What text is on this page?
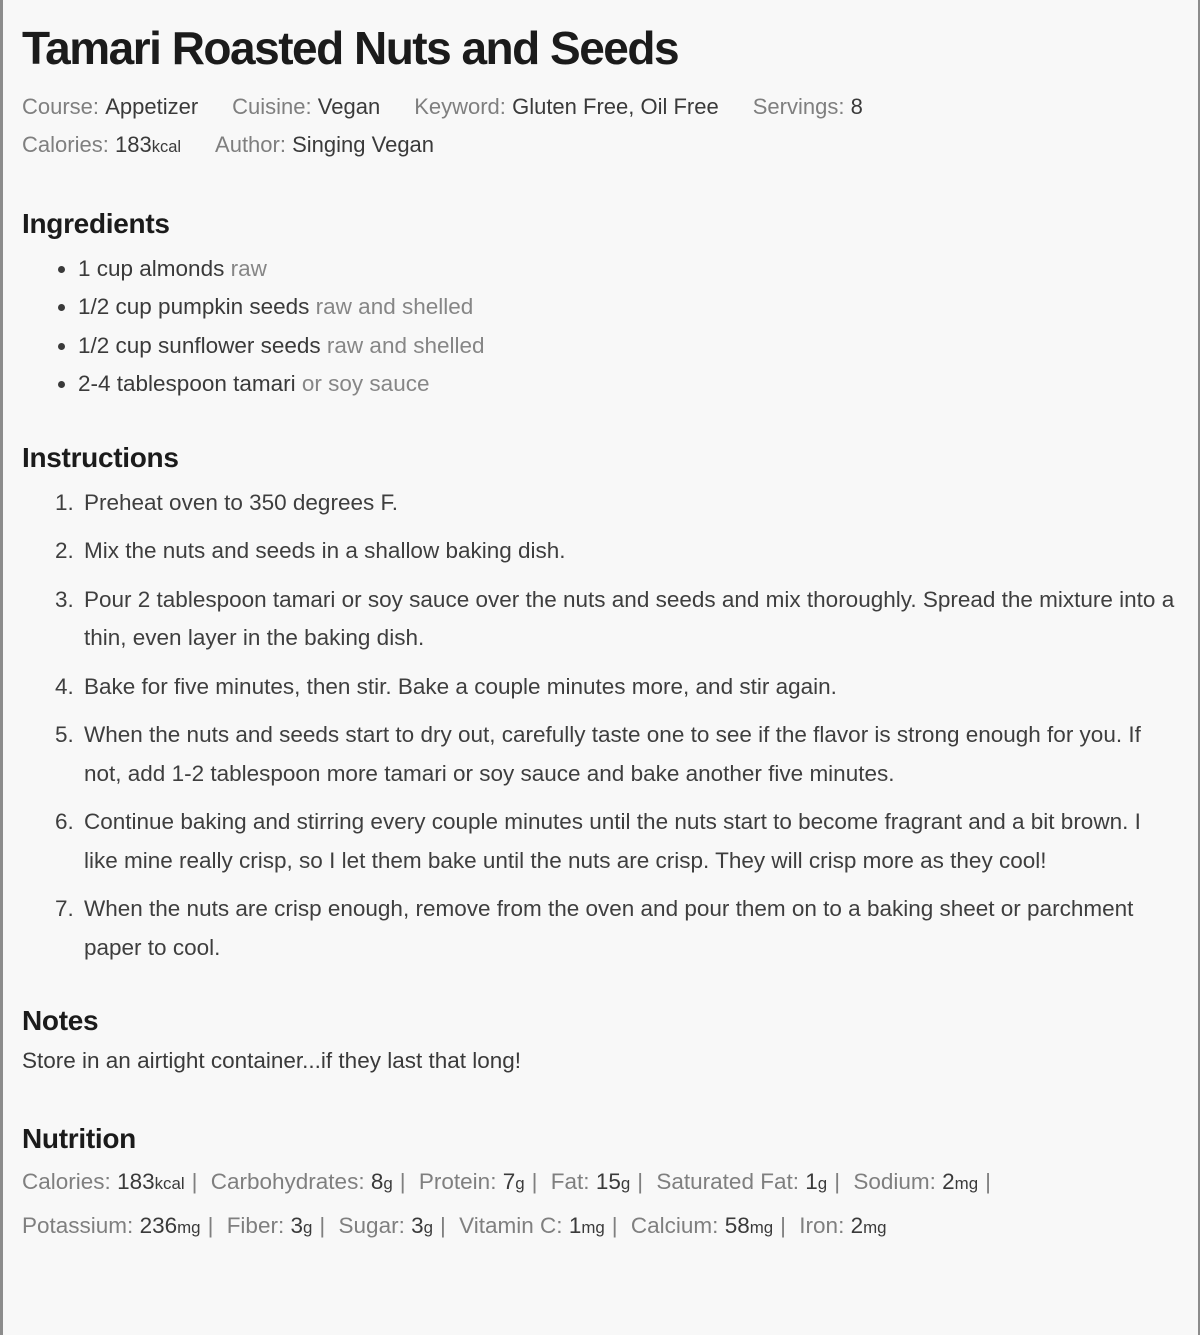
Tamari Roasted Nuts and Seeds
Course: Appetizer Cuisine: Vegan Keyword: Gluten Free, Oil Free Servings: 8
Calories: 183kcal Author: Singing Vegan
Ingredients
• 1 cup almonds raw
• 1/2 cup pumpkin seeds raw and shelled
• 1/2 cup sunflower seeds raw and shelled
• 2-4 tablespoon tamari or soy sauce
Instructions
1. Preheat oven to 350 degrees F.
2. Mix the nuts and seeds in a shallow baking dish.
3. Pour 2 tablespoon tamari or soy sauce over the nuts and seeds and mix thoroughly. Spread the mixture into a thin, even layer in the baking dish.
4. Bake for five minutes, then stir. Bake a couple minutes more, and stir again.
5. When the nuts and seeds start to dry out, carefully taste one to see if the flavor is strong enough for you. If not, add 1-2 tablespoon more tamari or soy sauce and bake another five minutes.
6. Continue baking and stirring every couple minutes until the nuts start to become fragrant and a bit brown. I like mine really crisp, so I let them bake until the nuts are crisp. They will crisp more as they cool!
7. When the nuts are crisp enough, remove from the oven and pour them on to a baking sheet or parchment paper to cool.
Notes

Store in an airtight container...if they last that long!

Nutrition

Calories: 183kcal | Carbohydrates: 8g | Protein: 7g | Fat: 15g | Saturated Fat: 1g | Sodium: 2mg | Potassium: 236mg | Fiber: 3g | Sugar: 3g | Vitamin C: 1mg | Calcium: 58mg | Iron: 2mg
